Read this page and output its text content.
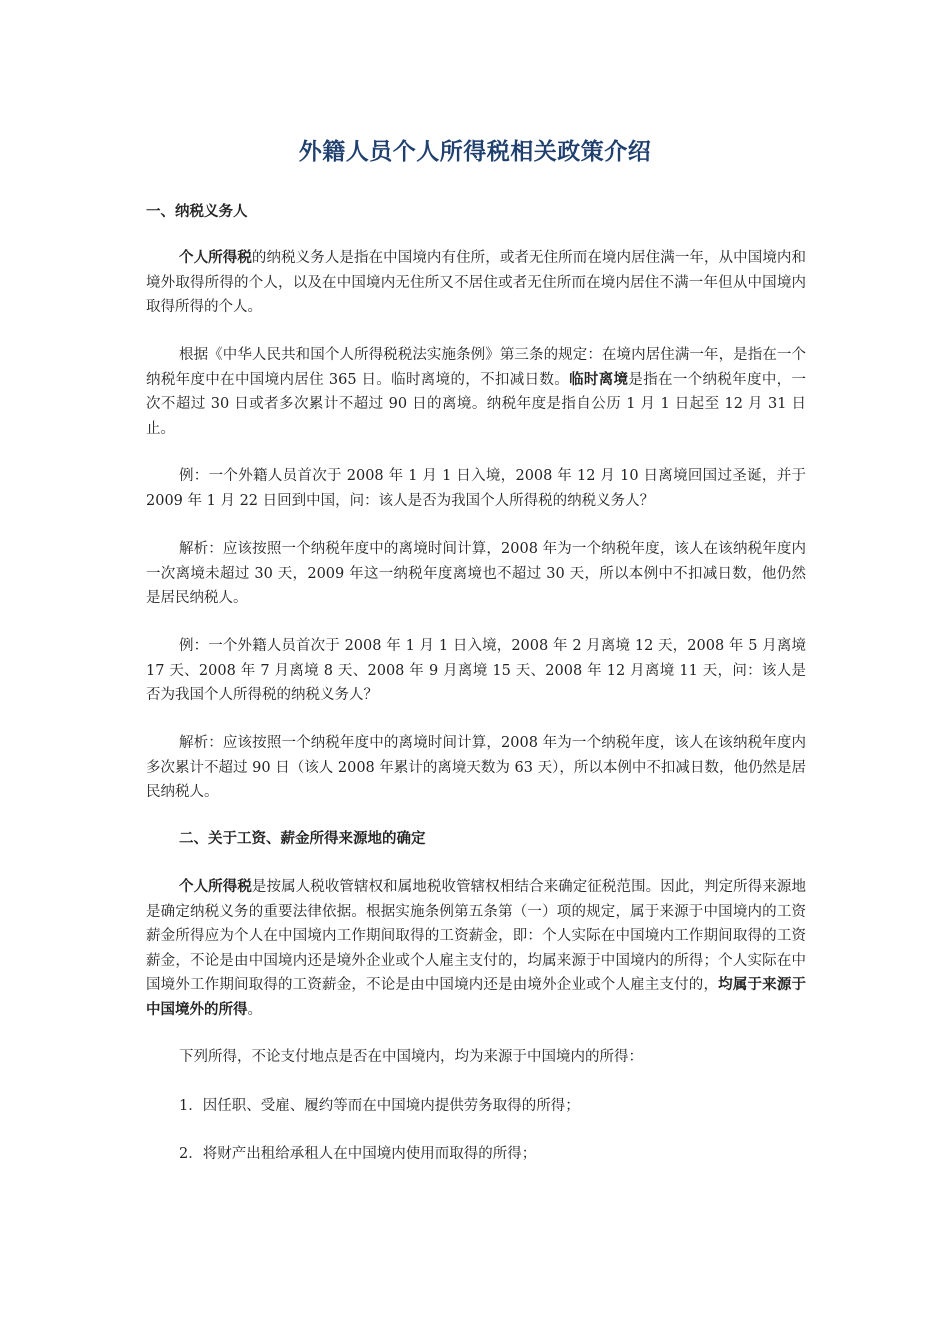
外籍人员个人所得税相关政策介绍
一、纳税义务人

个人所得税的纳税义务人是指在中国境内有住所，或者无住所而在境内居住满一年，从中国境内和境外取得所得的个人，以及在中国境内无住所又不居住或者无住所而在境内居住不满一年但从中国境内取得所得的个人。

根据《中华人民共和国个人所得税税法实施条例》第三条的规定：在境内居住满一年，是指在一个纳税年度中在中国境内居住 365 日。临时离境的，不扣减日数。临时离境是指在一个纳税年度中，一次不超过 30 日或者多次累计不超过 90 日的离境。纳税年度是指自公历 1 月 1 日起至 12 月 31 日止。

例：一个外籍人员首次于 2008 年 1 月 1 日入境，2008 年 12 月 10 日离境回国过圣诞，并于 2009 年 1 月 22 日回到中国，问：该人是否为我国个人所得税的纳税义务人？

解析：应该按照一个纳税年度中的离境时间计算，2008 年为一个纳税年度，该人在该纳税年度内一次离境未超过 30 天，2009 年这一纳税年度离境也不超过 30 天，所以本例中不扣减日数，他仍然是居民纳税人。

例：一个外籍人员首次于 2008 年 1 月 1 日入境，2008 年 2 月离境 12 天，2008 年 5 月离境 17 天、2008 年 7 月离境 8 天、2008 年 9 月离境 15 天、2008 年 12 月离境 11 天，问：该人是否为我国个人所得税的纳税义务人？

解析：应该按照一个纳税年度中的离境时间计算，2008 年为一个纳税年度，该人在该纳税年度内多次累计不超过 90 日（该人 2008 年累计的离境天数为 63 天），所以本例中不扣减日数，他仍然是居民纳税人。

二、关于工资、薪金所得来源地的确定

个人所得税是按属人税收管辖权和属地税收管辖权相结合来确定征税范围。因此，判定所得来源地是确定纳税义务的重要法律依据。根据实施条例第五条第（一）项的规定，属于来源于中国境内的工资薪金所得应为个人在中国境内工作期间取得的工资薪金，即：个人实际在中国境内工作期间取得的工资薪金，不论是由中国境内还是境外企业或个人雇主支付的，均属来源于中国境内的所得；个人实际在中国境外工作期间取得的工资薪金，不论是由中国境内还是由境外企业或个人雇主支付的，均属于来源于中国境外的所得。

下列所得，不论支付地点是否在中国境内，均为来源于中国境内的所得：

1．因任职、受雇、履约等而在中国境内提供劳务取得的所得；

2．将财产出租给承租人在中国境内使用而取得的所得；
